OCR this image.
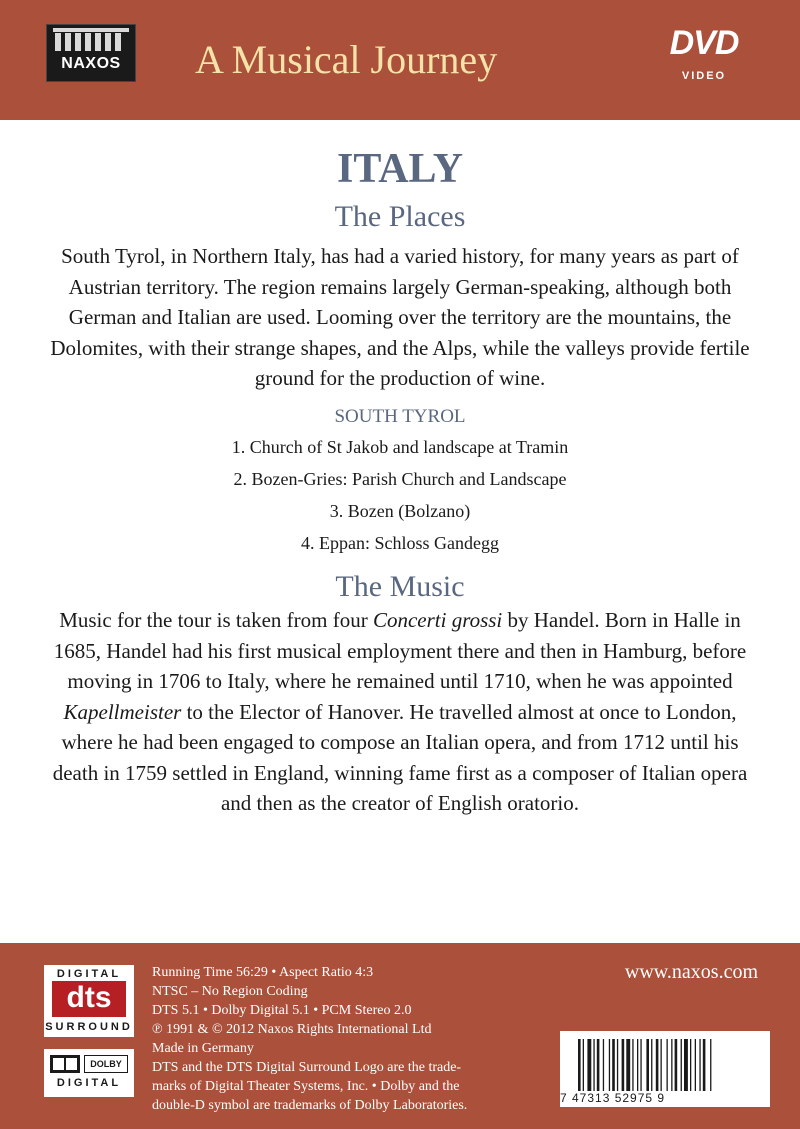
NAXOS	A Musical Journey	DVD
VIDEO
ITALY
The Places

South Tyrol, in Northern Italy, has had a varied history, for many years as part of Austrian territory. The region remains largely German-speaking, although both German and Italian are used. Looming over the territory are the mountains, the Dolomites, with their strange shapes, and the Alps, while the valleys provide fertile ground for the production of wine.

SOUTH TYROL
1. Church of St Jakob and landscape at Tramin
2. Bozen-Gries: Parish Church and Landscape
3. Bozen (Bolzano)
4. Eppan: Schloss Gandegg
The Music

Music for the tour is taken from four Concerti grossi by Handel. Born in Halle in 1685, Handel had his first musical employment there and then in Hamburg, before moving in 1706 to Italy, where he remained until 1710, when he was appointed Kapellmeister to the Elector of Hanover. He travelled almost at once to London, where he had been engaged to compose an Italian opera, and from 1712 until his death in 1759 settled in England, winning fame first as a composer of Italian opera and then as the creator of English oratorio.

DIGITAL
dts
SURROUND
DOLBY
DIGITAL
Running Time 56:29 • Aspect Ratio 4:3
NTSC – No Region Coding
DTS 5.1 • Dolby Digital 5.1 • PCM Stereo 2.0
℗ 1991 & © 2012 Naxos Rights International Ltd
Made in Germany
DTS and the DTS Digital Surround Logo are the trade-
marks of Digital Theater Systems, Inc. • Dolby and the
double-D symbol are trademarks of Dolby Laboratories.
www.naxos.com
7 47313 52975 9
